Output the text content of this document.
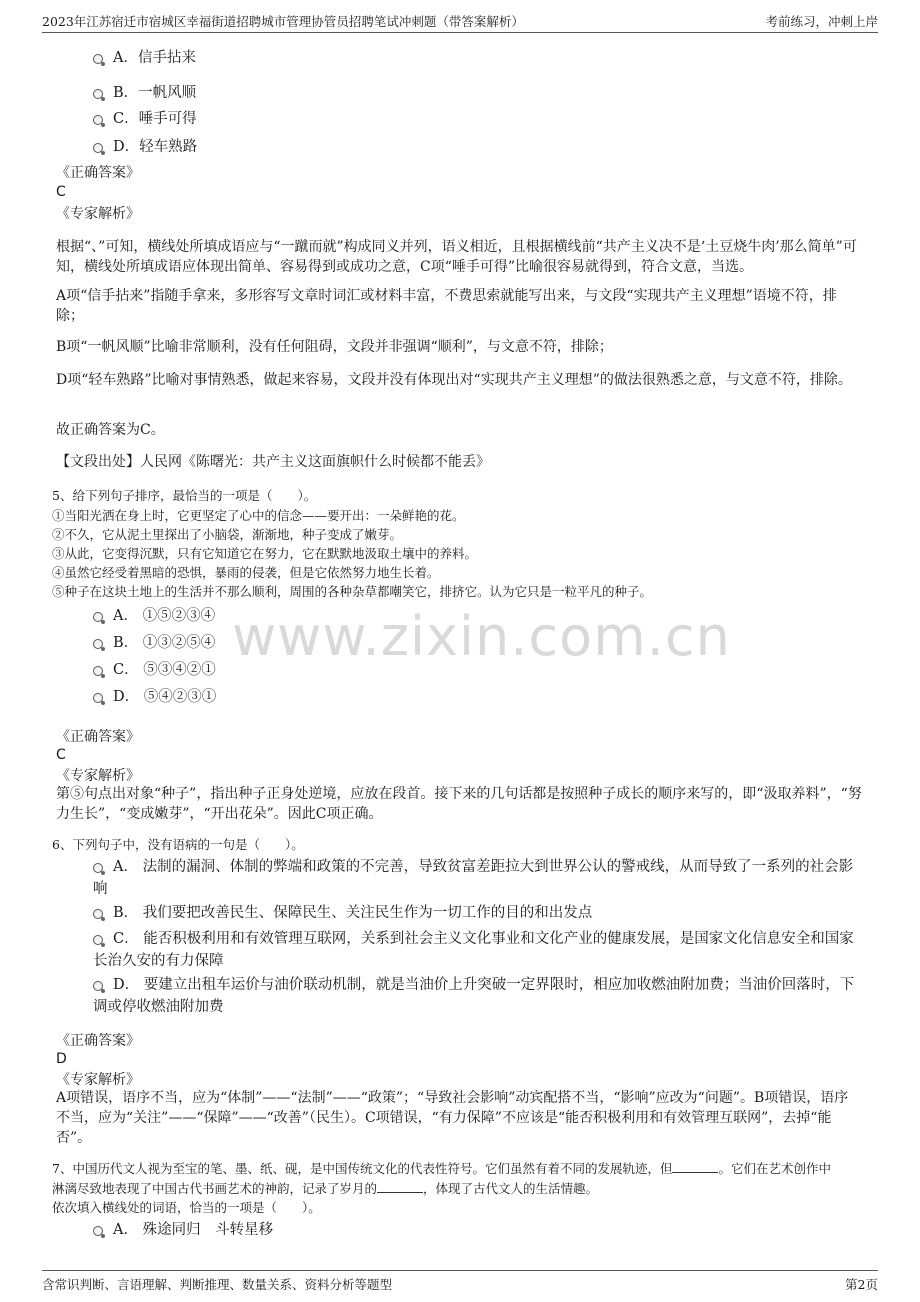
2023年江苏宿迁市宿城区幸福街道招聘城市管理协管员招聘笔试冲刺题（带答案解析）	考前练习，冲刺上岸
www.zixin.com.cn
A．信手拈来
B．一帆风顺
C．唾手可得
D．轻车熟路
《正确答案》
C
《专家解析》
根据“、”可知，横线处所填成语应与“一蹴而就”构成同义并列，语义相近，且根据横线前“共产主义决不是‘土豆烧牛肉’那么简单”可知，横线处所填成语应体现出简单、容易得到或成功之意，C项“唾手可得”比喻很容易就得到，符合文意，当选。
A项“信手拈来”指随手拿来，多形容写文章时词汇或材料丰富，不费思索就能写出来，与文段“实现共产主义理想”语境不符，排除；
B项“一帆风顺”比喻非常顺利，没有任何阻碍，文段并非强调“顺利”，与文意不符，排除；
D项“轻车熟路”比喻对事情熟悉，做起来容易，文段并没有体现出对“实现共产主义理想”的做法很熟悉之意，与文意不符，排除。
故正确答案为C。
【文段出处】人民网《陈曙光：共产主义这面旗帜什么时候都不能丢》
5、给下列句子排序，最恰当的一项是（　　）。
①当阳光洒在身上时，它更坚定了心中的信念——要开出：一朵鲜艳的花。
②不久，它从泥土里探出了小脑袋，渐渐地，种子变成了嫩芽。
③从此，它变得沉默，只有它知道它在努力，它在默默地汲取土壤中的养料。
④虽然它经受着黑暗的恐惧，暴雨的侵袭，但是它依然努力地生长着。
⑤种子在这块土地上的生活并不那么顺利，周围的各种杂草都嘲笑它，排挤它。认为它只是一粒平凡的种子。
A． ①⑤②③④
B． ①③②⑤④
C． ⑤③④②①
D． ⑤④②③①
《正确答案》
C
《专家解析》
第⑤句点出对象“种子”，指出种子正身处逆境，应放在段首。接下来的几句话都是按照种子成长的顺序来写的，即“汲取养料”，“努力生长”，“变成嫩芽”，“开出花朵”。因此C项正确。
6、下列句子中，没有语病的一句是（　　）。
A． 法制的漏洞、体制的弊端和政策的不完善，导致贫富差距拉大到世界公认的警戒线，从而导致了一系列的社会影响
B． 我们要把改善民生、保障民生、关注民生作为一切工作的目的和出发点
C． 能否积极利用和有效管理互联网，关系到社会主义文化事业和文化产业的健康发展，是国家文化信息安全和国家长治久安的有力保障
D． 要建立出租车运价与油价联动机制，就是当油价上升突破一定界限时，相应加收燃油附加费；当油价回落时，下调或停收燃油附加费
《正确答案》
D
《专家解析》
A项错误，语序不当，应为“体制”——“法制”——“政策”；“导致社会影响”动宾配搭不当，“影响”应改为“问题”。B项错误，语序不当，应为“关注”——“保障”——“改善”（民生）。C项错误，“有力保障”不应该是“能否积极利用和有效管理互联网”，去掉“能否”。
7、中国历代文人视为至宝的笔、墨、纸、砚，是中国传统文化的代表性符号。它们虽然有着不同的发展轨迹，但	。它们在艺术创作中
淋漓尽致地表现了中国古代书画艺术的神韵，记录了岁月的	，体现了古代文人的生活情趣。
依次填入横线处的词语，恰当的一项是（　　）。
A． 殊途同归　斗转星移
含常识判断、言语理解、判断推理、数量关系、资料分析等题型	第2页
